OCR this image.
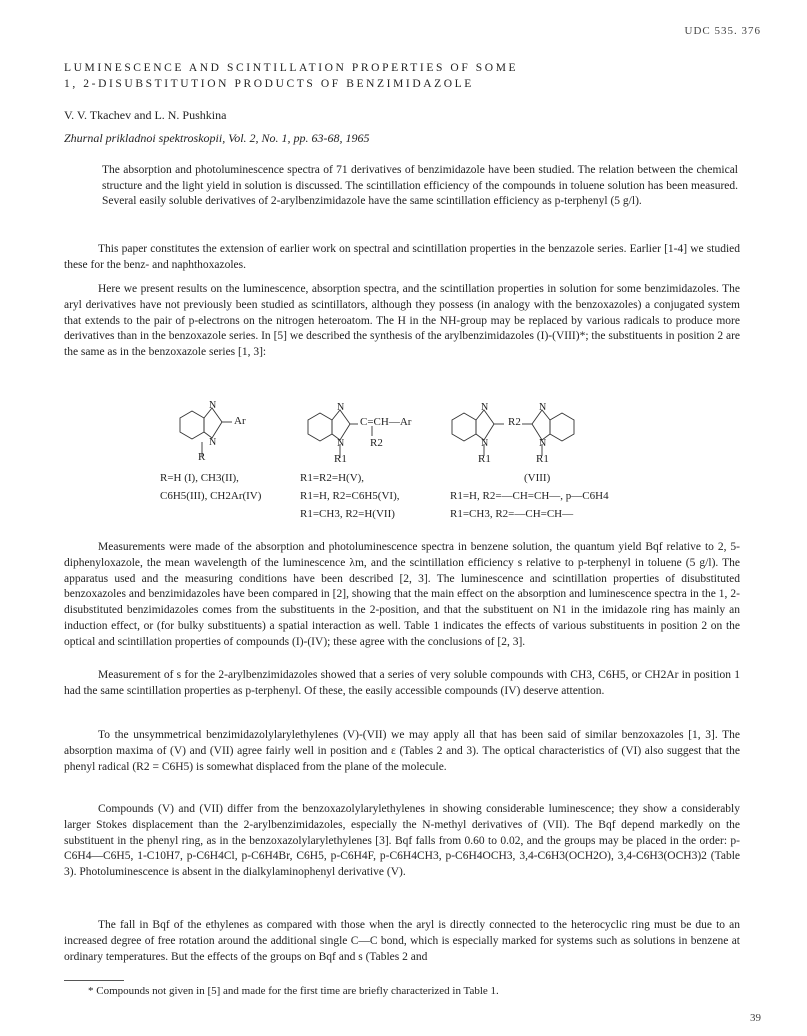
UDC 535. 376
LUMINESCENCE AND SCINTILLATION PROPERTIES OF SOME
1, 2-DISUBSTITUTION PRODUCTS OF BENZIMIDAZOLE
V. V. Tkachev and L. N. Pushkina
Zhurnal prikladnoi spektroskopii, Vol. 2, No. 1, pp. 63-68, 1965
The absorption and photoluminescence spectra of 71 derivatives of benzimidazole have been studied. The relation between the chemical structure and the light yield in solution is discussed. The scintillation efficiency of the compounds in toluene solution has been measured. Several easily soluble derivatives of 2-arylbenzimidazole have the same scintillation efficiency as p-terphenyl (5 g/l).

This paper constitutes the extension of earlier work on spectral and scintillation properties in the benzazole series. Earlier [1-4] we studied these for the benz- and naphthoxazoles.

Here we present results on the luminescence, absorption spectra, and the scintillation properties in solution for some benzimidazoles. The aryl derivatives have not previously been studied as scintillators, although they possess (in analogy with the benzoxazoles) a conjugated system that extends to the pair of p-electrons on the nitrogen heteroatom. The H in the NH-group may be replaced by various radicals to produce more derivatives than in the benzoxazole series. In [5] we described the synthesis of the arylbenzimidazoles (I)-(VIII)*; the substituents in position 2 are the same as in the benzoxazole series [1, 3]:

N
N
N
N
N
N
N
N
Ar
R
R=H (I), CH3(II),
C6H5(III), CH2Ar(IV)
C=CH—Ar
R2
R1
R1=R2=H(V),
R1=H, R2=C6H5(VI),
R1=CH3, R2=H(VII)
R2
R1	R1
(VIII)
R1=H, R2=—CH=CH—, p—C6H4
R1=CH3, R2=—CH=CH—

Measurements were made of the absorption and photoluminescence spectra in benzene solution, the quantum yield Bqf relative to 2, 5-diphenyloxazole, the mean wavelength of the luminescence λm, and the scintillation efficiency s relative to p-terphenyl in toluene (5 g/l). The apparatus used and the measuring conditions have been described [2, 3]. The luminescence and scintillation properties of disubstituted benzoxazoles and benzimidazoles have been compared in [2], showing that the main effect on the absorption and luminescence spectra in the 1, 2-disubstituted benzimidazoles comes from the substituents in the 2-position, and that the substituent on N1 in the imidazole ring has mainly an induction effect, or (for bulky substituents) a spatial interaction as well. Table 1 indicates the effects of various substituents in position 2 on the optical and scintillation properties of compounds (I)-(IV); these agree with the conclusions of [2, 3].

Measurement of s for the 2-arylbenzimidazoles showed that a series of very soluble compounds with CH3, C6H5, or CH2Ar in position 1 had the same scintillation properties as p-terphenyl. Of these, the easily accessible compounds (IV) deserve attention.

To the unsymmetrical benzimidazolylarylethylenes (V)-(VII) we may apply all that has been said of similar benzoxazoles [1, 3]. The absorption maxima of (V) and (VII) agree fairly well in position and ε (Tables 2 and 3). The optical characteristics of (VI) also suggest that the phenyl radical (R2 = C6H5) is somewhat displaced from the plane of the molecule.

Compounds (V) and (VII) differ from the benzoxazolylarylethylenes in showing considerable luminescence; they show a considerably larger Stokes displacement than the 2-arylbenzimidazoles, especially the N-methyl derivatives of (VII). The Bqf depend markedly on the substituent in the phenyl ring, as in the benzoxazolylarylethylenes [3]. Bqf falls from 0.60 to 0.02, and the groups may be placed in the order: p-C6H4—C6H5, 1-C10H7, p-C6H4Cl, p-C6H4Br, C6H5, p-C6H4F, p-C6H4CH3, p-C6H4OCH3, 3,4-C6H3(OCH2O), 3,4-C6H3(OCH3)2 (Table 3). Photoluminescence is absent in the dialkylaminophenyl derivative (V).

The fall in Bqf of the ethylenes as compared with those when the aryl is directly connected to the heterocyclic ring must be due to an increased degree of free rotation around the additional single C—C bond, which is especially marked for systems such as solutions in benzene at ordinary temperatures. But the effects of the groups on Bqf and s (Tables 2 and

* Compounds not given in [5] and made for the first time are briefly characterized in Table 1.
39
